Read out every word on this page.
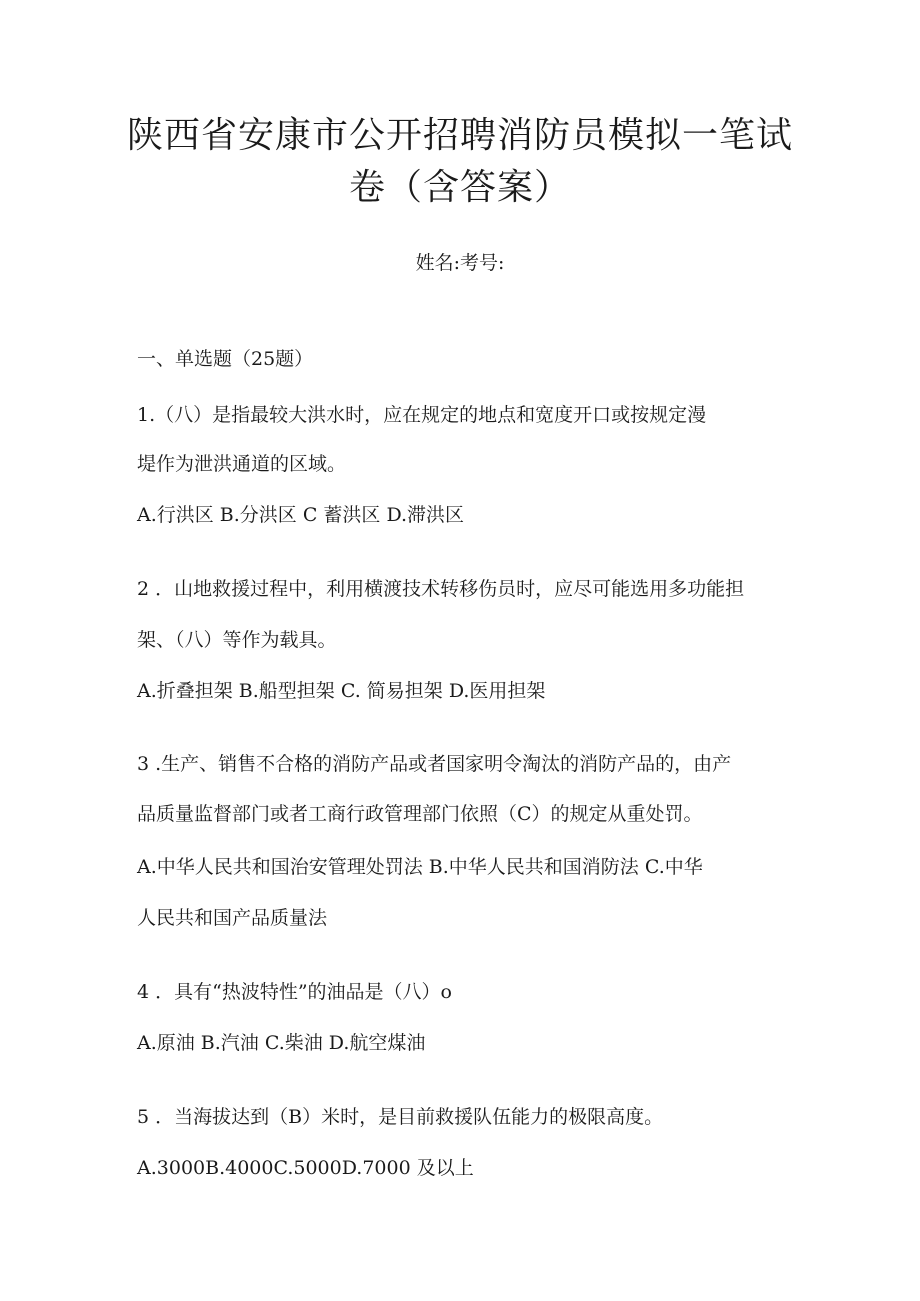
陕西省安康市公开招聘消防员模拟一笔试
卷（含答案）
姓名:考号:
一、单选题（25题）
1.（八）是指最较大洪水时，应在规定的地点和宽度开口或按规定漫
堤作为泄洪通道的区域。
A.行洪区 B.分洪区 C 蓄洪区 D.滞洪区
2 ．山地救援过程中，利用横渡技术转移伤员时，应尽可能选用多功能担
架、（八）等作为载具。
A.折叠担架 B.船型担架 C. 简易担架 D.医用担架
3 .生产、销售不合格的消防产品或者国家明令淘汰的消防产品的，由产
品质量监督部门或者工商行政管理部门依照（C）的规定从重处罚。
A.中华人民共和国治安管理处罚法 B.中华人民共和国消防法 C.中华
人民共和国产品质量法
4 ．具有“热波特性”的油品是（八）o
A.原油 B.汽油 C.柴油 D.航空煤油
5 ．当海拔达到（B）米时，是目前救援队伍能力的极限高度。
A.3000B.4000C.5000D.7000 及以上
